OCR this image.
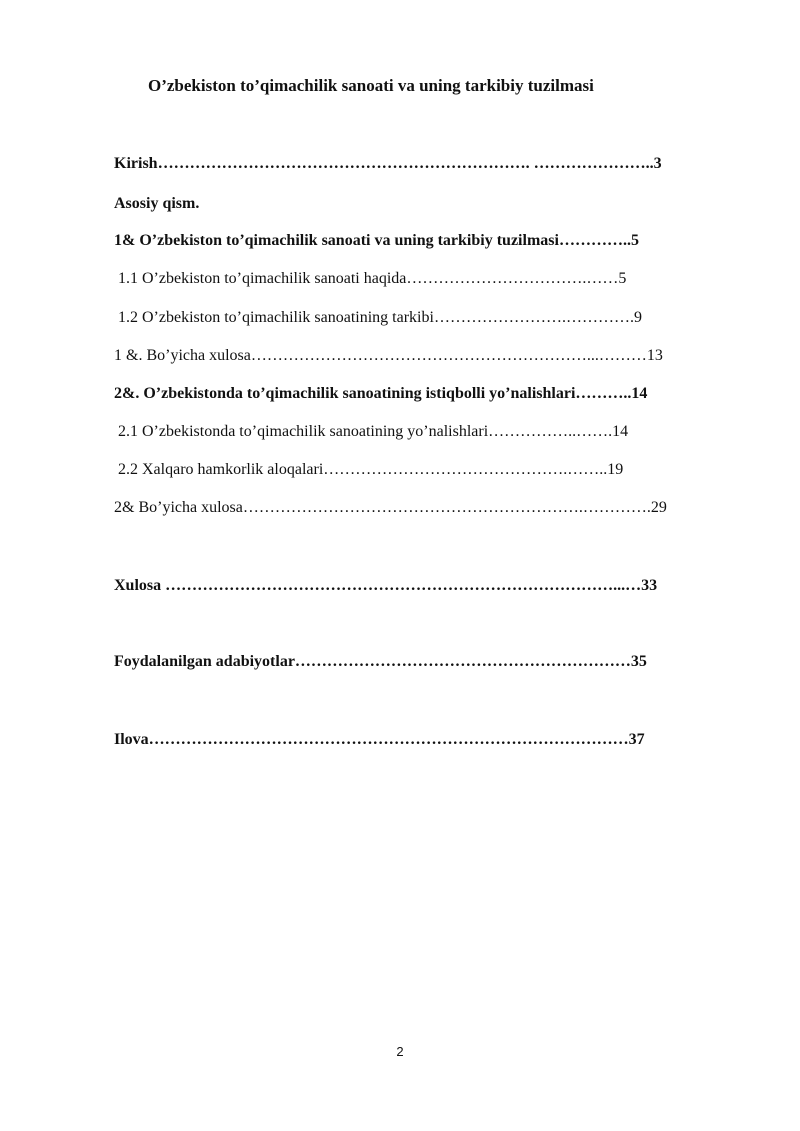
O’zbekiston to’qimachilik sanoati va uning tarkibiy tuzilmasi
Kirish……………………………………………………………. …………………..3
Asosiy qism.
1& O’zbekiston to’qimachilik sanoati va uning tarkibiy tuzilmasi…………..5
1.1 O’zbekiston to’qimachilik sanoati haqida…………………………….……5
1.2 O’zbekiston to’qimachilik sanoatining tarkibi…………………….………….9
1 &. Bo’yicha xulosa………………………………………………………...………13
2&. O’zbekistonda to’qimachilik sanoatining istiqbolli yo’nalishlari………..14
2.1 O’zbekistonda to’qimachilik sanoatining yo’nalishlari……………..…….14
2.2 Xalqaro hamkorlik aloqalari……………………………………….……..19
2& Bo’yicha xulosa……………………………………………………….………….29
Xulosa …………………………………………………………………………...…33
Foydalanilgan adabiyotlar………………………………………………………35
Ilova………………………………………………………………………………37
2
